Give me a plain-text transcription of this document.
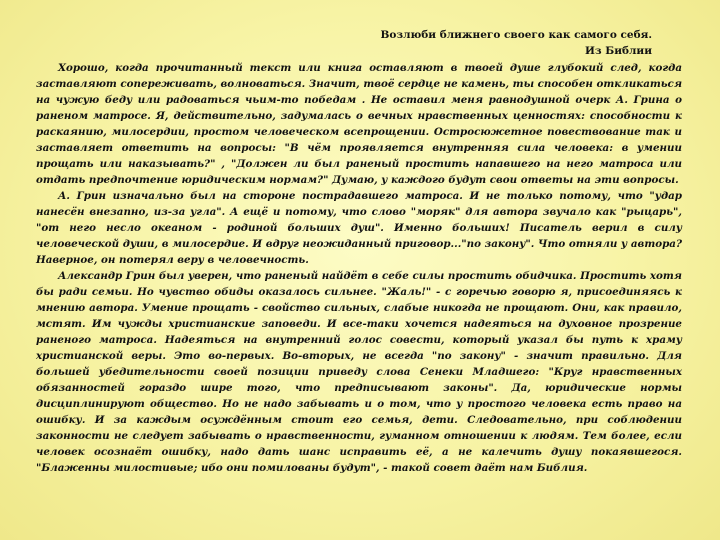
Возлюби ближнего своего как самого себя.
Из Библии

Хорошо, когда прочитанный текст или книга оставляют в твоей душе глубокий след, когда заставляют сопереживать, волноваться. Значит, твоё сердце не камень, ты способен откликаться на чужую беду или радоваться чьим-то победам . Не оставил меня равнодушной очерк А. Грина о раненом матросе. Я, действительно, задумалась о вечных нравственных ценностях: способности к раскаянию, милосердии, простом человеческом всепрощении. Остросюжетное повествование так и заставляет ответить на вопросы: "В чём проявляется внутренняя сила человека: в умении прощать или наказывать?" , "Должен ли был раненый простить напавшего на него матроса или отдать предпочтение юридическим нормам?" Думаю, у каждого будут свои ответы на эти вопросы.

А. Грин изначально был на стороне пострадавшего матроса. И не только потому, что "удар нанесён внезапно, из-за угла". А ещё и потому, что слово "моряк" для автора звучало как "рыцарь", "от него несло океаном - родиной больших душ". Именно больших! Писатель верил в силу человеческой души, в милосердие. И вдруг неожиданный приговор..."по закону". Что отняли у автора? Наверное, он потерял веру в человечность.

Александр Грин был уверен, что раненый найдёт в себе силы простить обидчика. Простить хотя бы ради семьи. Но чувство обиды оказалось сильнее. "Жаль!" - с горечью говорю я, присоединяясь к мнению автора. Умение прощать - свойство сильных, слабые никогда не прощают. Они, как правило, мстят. Им чужды христианские заповеди. И все-таки хочется надеяться на духовное прозрение раненого матроса. Надеяться на внутренний голос совести, который указал бы путь к храму христианской веры. Это во-первых. Во-вторых, не всегда "по закону" - значит правильно. Для большей убедительности своей позиции приведу слова Сенеки Младшего: "Круг нравственных обязанностей гораздо шире того, что предписывают законы". Да, юридические нормы дисциплинируют общество. Но не надо забывать и о том, что у простого человека есть право на ошибку. И за каждым осуждённым стоит его семья, дети. Следовательно, при соблюдении законности не следует забывать о нравственности, гуманном отношении к людям. Тем более, если человек осознаёт ошибку, надо дать шанс исправить её, а не калечить душу покаявшегося. "Блаженны милостивые; ибо они помилованы будут", - такой совет даёт нам Библия.
